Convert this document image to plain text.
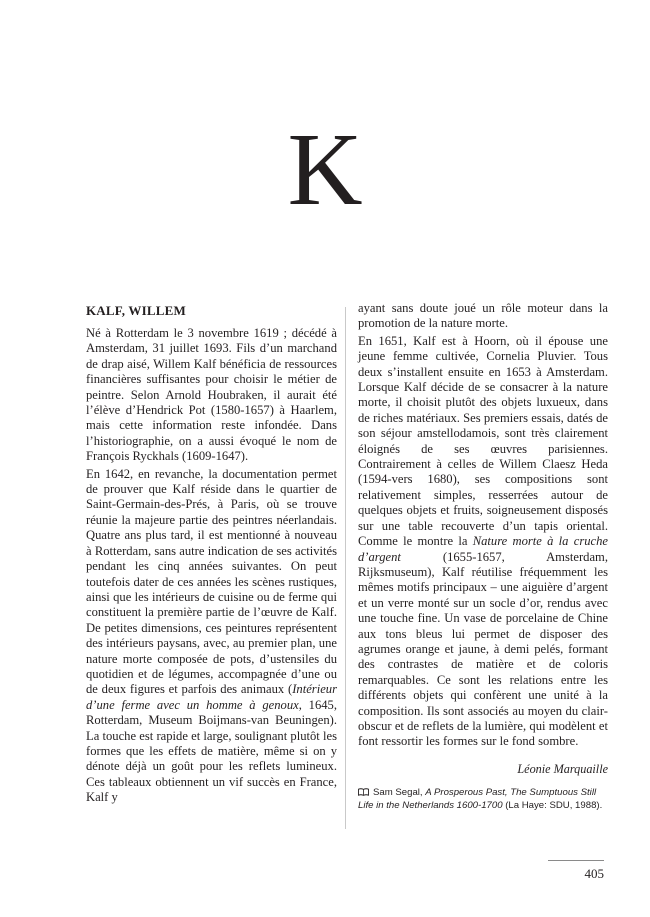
K
KALF, WILLEM

Né à Rotterdam le 3 novembre 1619 ; décédé à Amsterdam, 31 juillet 1693. Fils d’un marchand de drap aisé, Willem Kalf bénéficia de ressources financières suffisantes pour choisir le métier de peintre. Selon Arnold Houbraken, il aurait été l’élève d’Hendrick Pot (1580-1657) à Haarlem, mais cette information reste infondée. Dans l’historiographie, on a aussi évoqué le nom de François Ryckhals (1609-1647).

En 1642, en revanche, la documentation permet de prouver que Kalf réside dans le quartier de Saint-Germain-des-Prés, à Paris, où se trouve réunie la majeure partie des peintres néerlandais. Quatre ans plus tard, il est mentionné à nouveau à Rotterdam, sans autre indication de ses activités pendant les cinq années suivantes. On peut toutefois dater de ces années les scènes rustiques, ainsi que les intérieurs de cuisine ou de ferme qui constituent la première partie de l’œuvre de Kalf. De petites dimensions, ces peintures représentent des intérieurs paysans, avec, au premier plan, une nature morte composée de pots, d’ustensiles du quotidien et de légumes, accompagnée d’une ou de deux figures et parfois des animaux (Intérieur d’une ferme avec un homme à genoux, 1645, Rotterdam, Museum Boijmans-van Beuningen). La touche est rapide et large, soulignant plutôt les formes que les effets de matière, même si on y dénote déjà un goût pour les reflets lumineux. Ces tableaux obtiennent un vif succès en France, Kalf y

ayant sans doute joué un rôle moteur dans la promotion de la nature morte.

En 1651, Kalf est à Hoorn, où il épouse une jeune femme cultivée, Cornelia Pluvier. Tous deux s’installent ensuite en 1653 à Amsterdam. Lorsque Kalf décide de se consacrer à la nature morte, il choisit plutôt des objets luxueux, dans de riches matériaux. Ses premiers essais, datés de son séjour amstellodamois, sont très clairement éloignés de ses œuvres parisiennes. Contrairement à celles de Willem Claesz Heda (1594-vers 1680), ses compositions sont relativement simples, resserrées autour de quelques objets et fruits, soigneusement disposés sur une table recouverte d’un tapis oriental. Comme le montre la Nature morte à la cruche d’argent (1655-1657, Amsterdam, Rijksmuseum), Kalf réutilise fréquemment les mêmes motifs principaux – une aiguière d’argent et un verre monté sur un socle d’or, rendus avec une touche fine. Un vase de porcelaine de Chine aux tons bleus lui permet de disposer des agrumes orange et jaune, à demi pelés, formant des contrastes de matière et de coloris remarquables. Ce sont les relations entre les différents objets qui confèrent une unité à la composition. Ils sont associés au moyen du clair-obscur et de reflets de la lumière, qui modèlent et font ressortir les formes sur le fond sombre.

Léonie Marquaille
Sam Segal, A Prosperous Past, The Sumptuous Still Life in the Netherlands 1600-1700 (La Haye: SDU, 1988).
405
